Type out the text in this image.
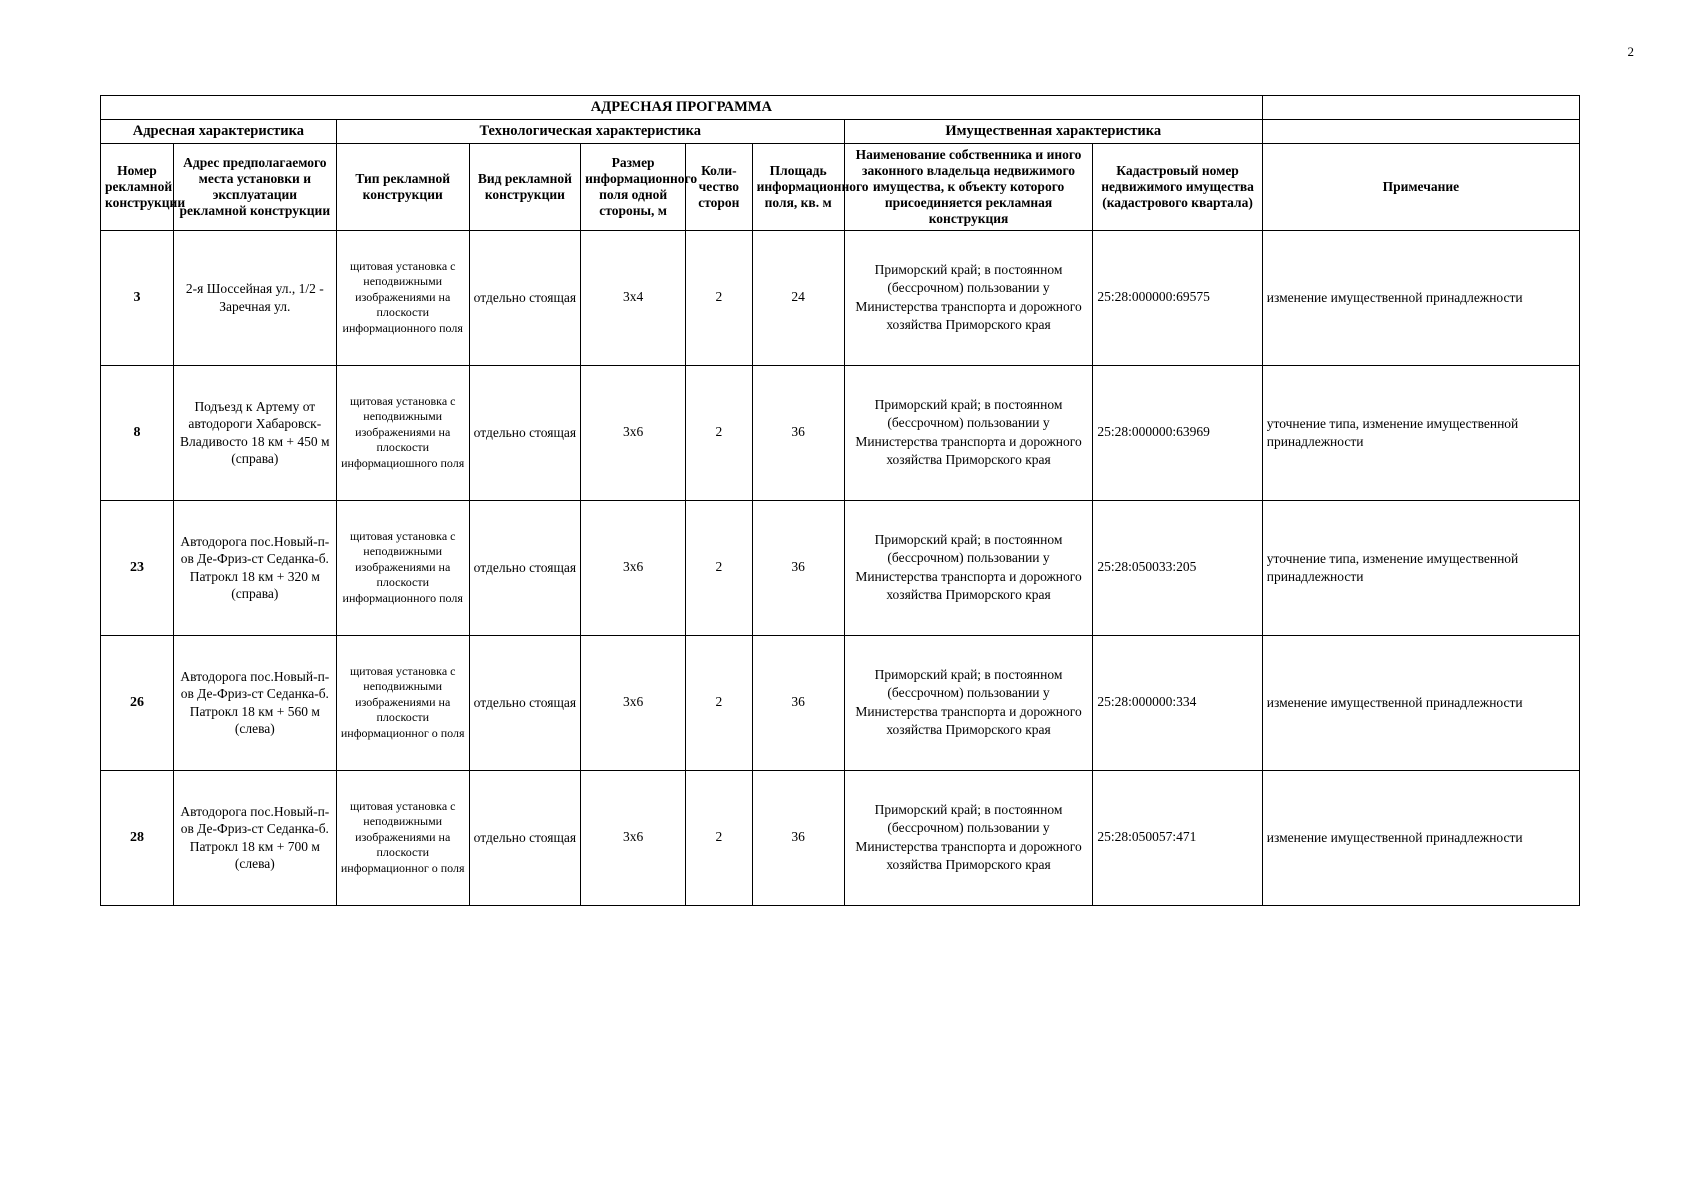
2
АДРЕСНАЯ ПРОГРАММА									
Адресная характеристика		Технологическая характеристика					Имущественная характеристика		
Номер рекламной конструкции	Адрес предполагаемого места установки и эксплуатации рекламной конструкции	Тип рекламной конструкции	Вид рекламной конструкции	Размер информационного поля одной стороны, м	Коли-чество сторон	Площадь информационного поля, кв. м	Наименование собственника и иного законного владельца недвижимого имущества, к объекту которого присоединяется рекламная конструкция	Кадастровый номер недвижимого имущества (кадастрового квартала)	Примечание
3	2-я Шоссейная ул., 1/2 - Заречная ул.	щитовая установка с неподвижными изображениями на плоскости информационного поля	отдельно стоящая	3х4	2	24	Приморский край; в постоянном (бессрочном) пользовании у Министерства транспорта и дорожного хозяйства Приморского края	25:28:000000:69575	изменение имущественной принадлежности
8	Подъезд к Артему от автодороги Хабаровск-Владивосто 18 км + 450 м (справа)	щитовая установка с неподвижными изображениями на плоскости информациошного поля	отдельно стоящая	3х6	2	36	Приморский край; в постоянном (бессрочном) пользовании у Министерства транспорта и дорожного хозяйства Приморского края	25:28:000000:63969	уточнение типа, изменение имущественной принадлежности
23	Автодорога пос.Новый-п-ов Де-Фриз-ст Седанка-б. Патрокл 18 км + 320 м (справа)	щитовая установка с неподвижными изображениями на плоскости информационного поля	отдельно стоящая	3х6	2	36	Приморский край; в постоянном (бессрочном) пользовании у Министерства транспорта и дорожного хозяйства Приморского края	25:28:050033:205	уточнение типа, изменение имущественной принадлежности
26	Автодорога пос.Новый-п-ов Де-Фриз-ст Седанка-б. Патрокл 18 км + 560 м (слева)	щитовая установка с неподвижными изображениями на плоскости информационног о поля	отдельно стоящая	3х6	2	36	Приморский край; в постоянном (бессрочном) пользовании у Министерства транспорта и дорожного хозяйства Приморского края	25:28:000000:334	изменение имущественной принадлежности
28	Автодорога пос.Новый-п-ов Де-Фриз-ст Седанка-б. Патрокл 18 км + 700 м (слева)	щитовая установка с неподвижными изображениями на плоскости информационног о поля	отдельно стоящая	3х6	2	36	Приморский край; в постоянном (бессрочном) пользовании у Министерства транспорта и дорожного хозяйства Приморского края	25:28:050057:471	изменение имущественной принадлежности
